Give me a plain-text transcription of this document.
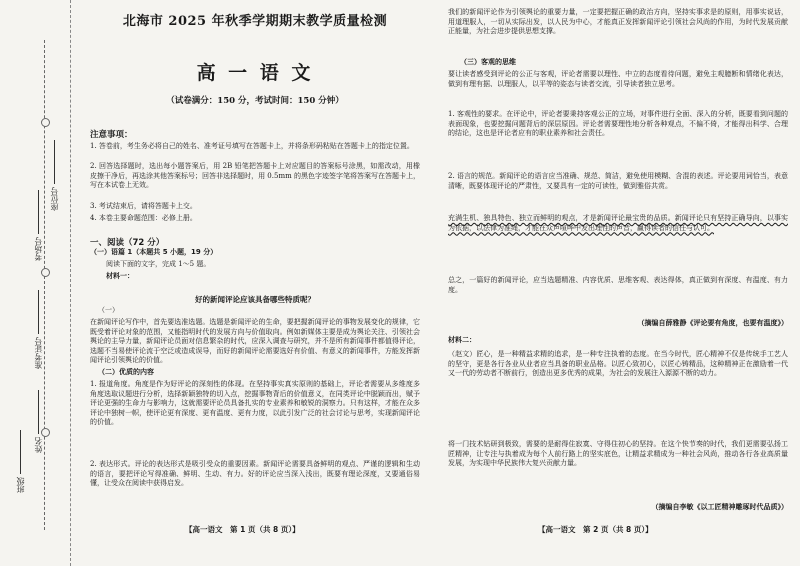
座位号
考场号
准考证号
姓名
班级
北海市 2025 年秋季学期期末教学质量检测
高 一 语 文
（试卷满分：150 分，考试时间：150 分钟）
注意事项：
1. 答卷前，考生务必将自己的姓名、准考证号填写在答题卡上，并将条形码粘贴在答题卡上的指定位置。
2. 回答选择题时，选出每小题答案后，用 2B 铅笔把答题卡上对应题目的答案标号涂黑，如需改动，用橡皮擦干净后，再选涂其他答案标号；回答非选择题时，用 0.5mm 的黑色字迹签字笔将答案写在答题卡上，写在本试卷上无效。
3. 考试结束后，请将答题卡上交。
4. 本卷主要命题范围：必修上册。
一、阅读（72 分）
（一）语篇 1（本题共 5 小题，19 分）
阅读下面的文字，完成 1～5 题。
材料一：
好的新闻评论应该具备哪些特质呢？
（一）
在新闻评论写作中，首先要选准选题。选题是新闻评论的生命，要把握新闻评论的事物发展变化的规律，它既受着评论对象的范围，又能指明时代的发展方向与价值取向。例如新媒体主要是成为舆论关注、引领社会舆论的主导力量，新闻评论员面对信息繁杂的时代，应深入调查与研究，并不是所有新闻事件都值得评论，选题不当易使评论流于空泛或造成误导，而好的新闻评论需要选好有价值、有意义的新闻事件，方能发挥新闻评论引领舆论的价值。
（二）优质的内容
1. 报道角度。角度是作为好评论的深刻性的体现。在坚持事实真实原则的基础上，评论者需要从多维度多角度选取议题进行分析，选择新颖独特的切入点，挖掘事物背后的价值意义，在同类评论中脱颖而出，赋予评论更强的生命力与影响力，这就需要评论员具备扎实的专业素养和敏锐的洞察力。只有这样，才能在众多评论中独树一帜，使评论更有深度、更有温度、更有力度，以此引发广泛的社会讨论与思考，实现新闻评论的价值。
2. 表达形式。评论的表达形式是吸引受众的重要因素。新闻评论需要具备鲜明的观点、严谨的逻辑和生动的语言，要把评论写得准确、鲜明、生动、有力。好的评论应当深入浅出，既要有理论深度，又要通俗易懂，让受众在阅读中获得启发。
【高一语文　第 1 页（共 8 页）】
我们的新闻评论作为引领舆论的重要力量，一定要把握正确的政治方向，坚持实事求是的原则，用事实说话，用道理服人，一切从实际出发，以人民为中心，才能真正发挥新闻评论引领社会风尚的作用，为时代发展贡献正能量，为社会进步提供思想支撑。
（三）客观的思维
要让读者感受到评论的公正与客观，评论者需要以理性、中立的态度看待问题，避免主观臆断和情绪化表达，做到有理有据、以理服人，以平等的姿态与读者交流，引导读者独立思考。
1. 客观性的要求。在评论中，评论者要秉持客观公正的立场，对事件进行全面、深入的分析，既要看到问题的表面现象，也要挖掘问题背后的深层原因。评论者需要理性地分析各种观点，不偏不倚，才能得出科学、合理的结论，这也是评论者应有的职业素养和社会责任。
2. 语言的规范。新闻评论的语言应当准确、规范、简洁，避免使用模糊、含混的表述。评论要用词恰当，表意清晰，既要体现评论的严肃性，又要具有一定的可读性，做到雅俗共赏。
充满生机、独具特色、独立而鲜明的观点，才是新闻评论最宝贵的品质。新闻评论只有坚持正确导向，以事实为依据，以法律为准绳，才能在众声喧哗中发出理性的声音，赢得读者的信任与认可。
总之，一篇好的新闻评论，应当选题精准、内容优质、思维客观、表达得体，真正做到有深度、有温度、有力度。
（摘编自薛雅静《评论要有角度，也要有温度》）
材料二：
（赵文）匠心，是一种精益求精的追求，是一种专注执着的态度。在当今时代，匠心精神不仅是传统手工艺人的坚守，更是各行各业从业者应当具备的职业品格。以匠心致初心，以匠心铸精品，这种精神正在激励着一代又一代的劳动者不断前行，创造出更多优秀的成果，为社会的发展注入源源不断的动力。
将一门技术钻研到极致，需要的是耐得住寂寞、守得住初心的坚持。在这个快节奏的时代，我们更需要弘扬工匠精神，让专注与执着成为每个人前行路上的坚实底色，让精益求精成为一种社会风尚，推动各行各业高质量发展，为实现中华民族伟大复兴贡献力量。
（摘编自李敏《以工匠精神雕琢时代品质》）
【高一语文　第 2 页（共 8 页）】
